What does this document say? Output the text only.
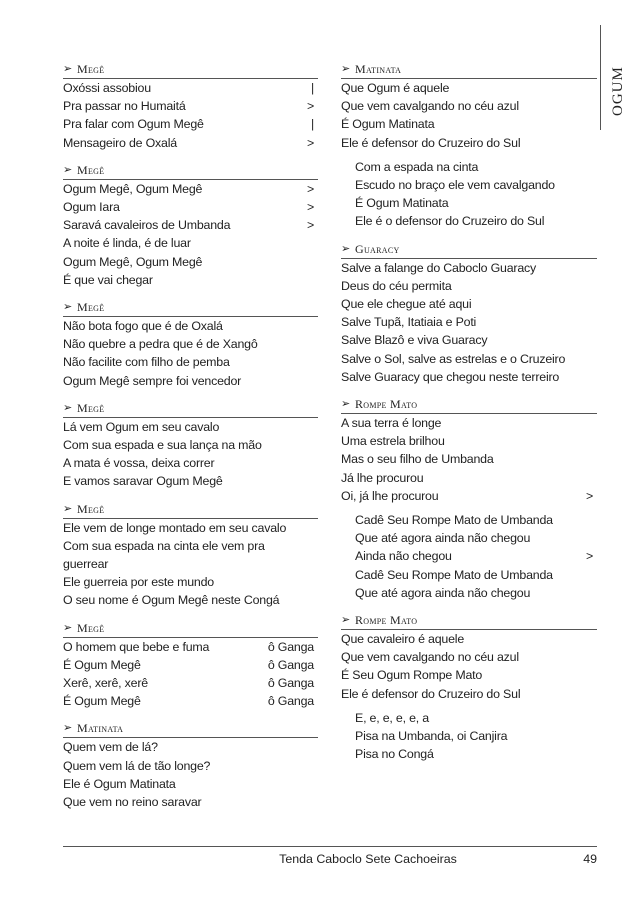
OGUM
➢ Megê
Oxóssi assobiou	|
Pra passar no Humaitá	>
Pra falar com Ogum Megê	|
Mensageiro de Oxalá	>
➢ Megê
Ogum Megê, Ogum Megê	>
Ogum Iara	>
Saravá cavaleiros de Umbanda	>
A noite é linda, é de luar
Ogum Megê, Ogum Megê
É que vai chegar
➢ Megê
Não bota fogo que é de Oxalá
Não quebre a pedra que é de Xangô
Não facilite com filho de pemba
Ogum Megê sempre foi vencedor
➢ Megê
Lá vem Ogum em seu cavalo
Com sua espada e sua lança na mão
A mata é vossa, deixa correr
E vamos saravar Ogum Megê
➢ Megê
Ele vem de longe montado em seu cavalo
Com sua espada na cinta ele vem pra
guerrear
Ele guerreia por este mundo
O seu nome é Ogum Megê neste Congá
➢ Megê
O homem que bebe e fuma	ô Ganga
É Ogum Megê	ô Ganga
Xerê, xerê, xerê	ô Ganga
É Ogum Megê	ô Ganga
➢ Matinata
Quem vem de lá?
Quem vem lá de tão longe?
Ele é Ogum Matinata
Que vem no reino saravar
➢ Matinata
Que Ogum é aquele
Que vem cavalgando no céu azul
É Ogum Matinata
Ele é defensor do Cruzeiro do Sul
Com a espada na cinta
Escudo no braço ele vem cavalgando
É Ogum Matinata
Ele é o defensor do Cruzeiro do Sul
➢ Guaracy
Salve a falange do Caboclo Guaracy
Deus do céu permita
Que ele chegue até aqui
Salve Tupã, Itatiaia e Poti
Salve Blazô e viva Guaracy
Salve o Sol, salve as estrelas e o Cruzeiro
Salve Guaracy que chegou neste terreiro
➢ Rompe Mato
A sua terra é longe
Uma estrela brilhou
Mas o seu filho de Umbanda
Já lhe procurou
Oi, já lhe procurou	>
Cadê Seu Rompe Mato de Umbanda
Que até agora ainda não chegou
Ainda não chegou	>
Cadê Seu Rompe Mato de Umbanda
Que até agora ainda não chegou
➢ Rompe Mato
Que cavaleiro é aquele
Que vem cavalgando no céu azul
É Seu Ogum Rompe Mato
Ele é defensor do Cruzeiro do Sul
E, e, e, e, e, a
Pisa na Umbanda, oi Canjira
Pisa no Congá
Tenda Caboclo Sete Cachoeiras	49
